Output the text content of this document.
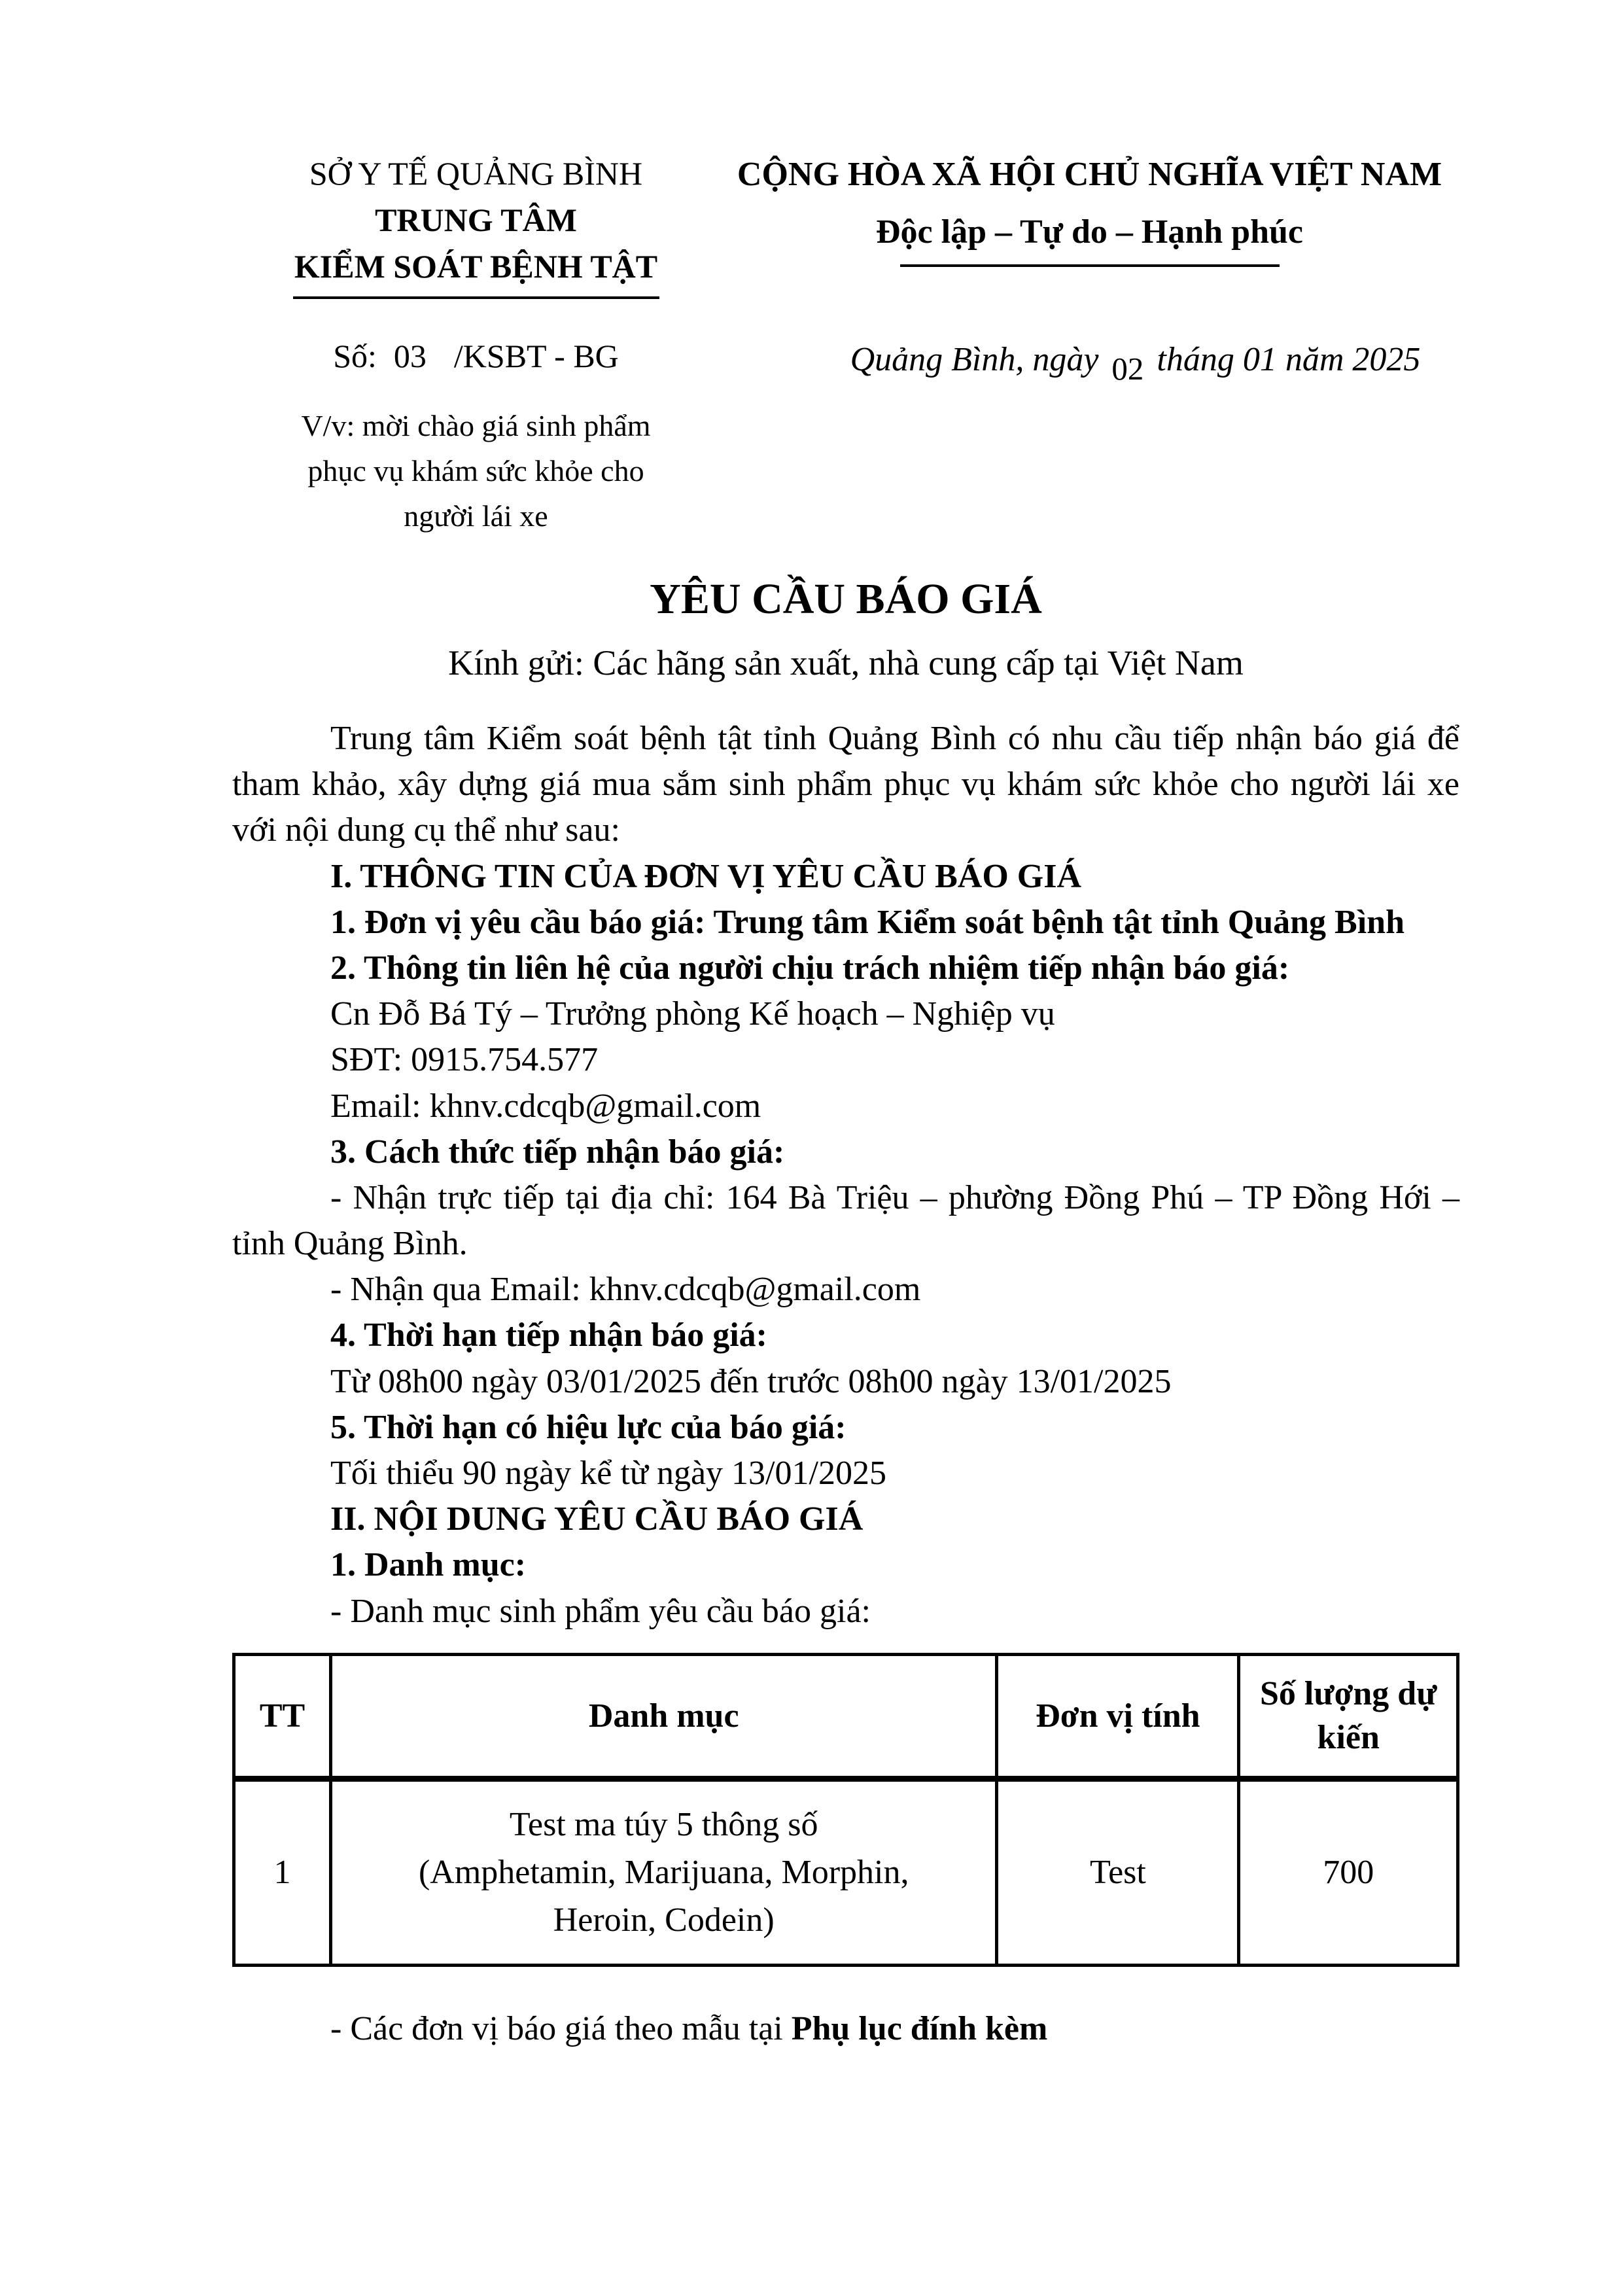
SỞ Y TẾ QUẢNG BÌNH
TRUNG TÂM
KIỂM SOÁT BỆNH TẬT
Số: 03 /KSBT - BG
V/v: mời chào giá sinh phẩm
phục vụ khám sức khỏe cho
người lái xe
CỘNG HÒA XÃ HỘI CHỦ NGHĨA VIỆT NAM
Độc lập – Tự do – Hạnh phúc
Quảng Bình, ngày 02 tháng 01 năm 2025
YÊU CẦU BÁO GIÁ
Kính gửi: Các hãng sản xuất, nhà cung cấp tại Việt Nam

Trung tâm Kiểm soát bệnh tật tỉnh Quảng Bình có nhu cầu tiếp nhận báo giá để tham khảo, xây dựng giá mua sắm sinh phẩm phục vụ khám sức khỏe cho người lái xe với nội dung cụ thể như sau:

I. THÔNG TIN CỦA ĐƠN VỊ YÊU CẦU BÁO GIÁ

1. Đơn vị yêu cầu báo giá: Trung tâm Kiểm soát bệnh tật tỉnh Quảng Bình

2. Thông tin liên hệ của người chịu trách nhiệm tiếp nhận báo giá:

Cn Đỗ Bá Tý – Trưởng phòng Kế hoạch – Nghiệp vụ

SĐT: 0915.754.577

Email: khnv.cdcqb@gmail.com

3. Cách thức tiếp nhận báo giá:

- Nhận trực tiếp tại địa chỉ: 164 Bà Triệu – phường Đồng Phú – TP Đồng Hới – tỉnh Quảng Bình.

- Nhận qua Email: khnv.cdcqb@gmail.com

4. Thời hạn tiếp nhận báo giá:

Từ 08h00 ngày 03/01/2025 đến trước 08h00 ngày 13/01/2025

5. Thời hạn có hiệu lực của báo giá:

Tối thiểu 90 ngày kể từ ngày 13/01/2025

II. NỘI DUNG YÊU CẦU BÁO GIÁ

1. Danh mục:

- Danh mục sinh phẩm yêu cầu báo giá:

TT	Danh mục	Đơn vị tính	Số lượng dự kiến
1	Test ma túy 5 thông số
(Amphetamin, Marijuana, Morphin,
Heroin, Codein)	Test	700

- Các đơn vị báo giá theo mẫu tại Phụ lục đính kèm
